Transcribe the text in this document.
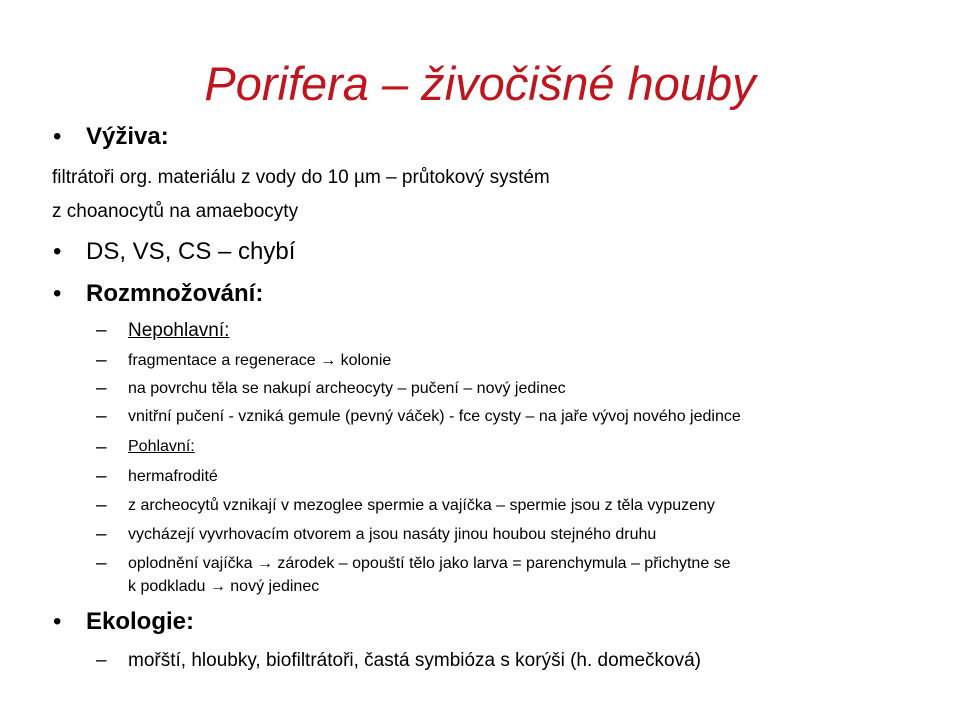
Porifera – živočišné houby
• Výživa:
filtrátoři org. materiálu z vody do 10 µm – průtokový systém
z choanocytů na amaebocyty
• DS, VS, CS – chybí
• Rozmnožování:
– Nepohlavní:
– fragmentace a regenerace → kolonie
– na povrchu těla se nakupí archeocyty – pučení – nový jedinec
– vnitřní pučení - vzniká gemule (pevný váček) - fce cysty – na jaře vývoj nového jedince
– Pohlavní:
– hermafrodité
– z archeocytů vznikají v mezoglee spermie a vajíčka – spermie jsou z těla vypuzeny
– vycházejí vyvrhovacím otvorem a jsou nasáty jinou houbou stejného druhu
– oplodnění vajíčka → zárodek – opouští tělo jako larva = parenchymula – přichytne se
k podkladu → nový jedinec
• Ekologie:
– mořští, hloubky, biofiltrátoři, častá symbióza s korýši (h. domečková)
